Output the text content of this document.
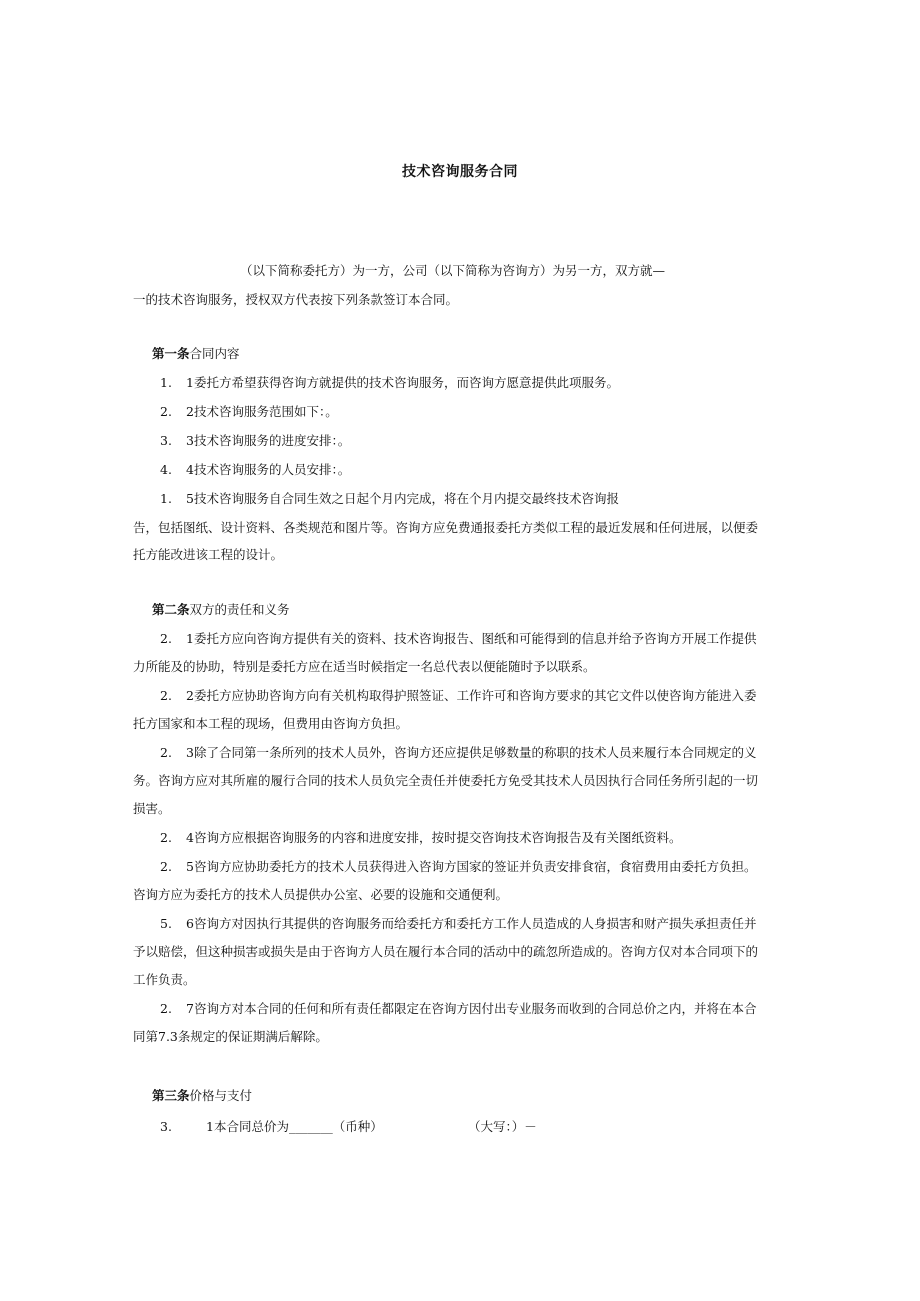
技术咨询服务合同
（以下简称委托方）为一方，公司（以下简称为咨询方）为另一方，双方就—
一的技术咨询服务，授权双方代表按下列条款签订本合同。
第一条合同内容
1. 1委托方希望获得咨询方就提供的技术咨询服务，而咨询方愿意提供此项服务。
2. 2技术咨询服务范围如下：。
3. 3技术咨询服务的进度安排：。
4. 4技术咨询服务的人员安排：。
1. 5技术咨询服务自合同生效之日起个月内完成，将在个月内提交最终技术咨询报
告，包括图纸、设计资料、各类规范和图片等。咨询方应免费通报委托方类似工程的最近发展和任何进展，以便委
托方能改进该工程的设计。
第二条双方的责任和义务
2. 1委托方应向咨询方提供有关的资料、技术咨询报告、图纸和可能得到的信息并给予咨询方开展工作提供
力所能及的协助，特别是委托方应在适当时候指定一名总代表以便能随时予以联系。
2. 2委托方应协助咨询方向有关机构取得护照签证、工作许可和咨询方要求的其它文件以使咨询方能进入委
托方国家和本工程的现场，但费用由咨询方负担。
2. 3除了合同第一条所列的技术人员外，咨询方还应提供足够数量的称职的技术人员来履行本合同规定的义
务。咨询方应对其所雇的履行合同的技术人员负完全责任并使委托方免受其技术人员因执行合同任务所引起的一切
损害。
2. 4咨询方应根据咨询服务的内容和进度安排，按时提交咨询技术咨询报告及有关图纸资料。
2. 5咨询方应协助委托方的技术人员获得进入咨询方国家的签证并负责安排食宿，食宿费用由委托方负担。
咨询方应为委托方的技术人员提供办公室、必要的设施和交通便利。
5. 6咨询方对因执行其提供的咨询服务而给委托方和委托方工作人员造成的人身损害和财产损失承担责任并
予以赔偿，但这种损害或损失是由于咨询方人员在履行本合同的活动中的疏忽所造成的。咨询方仅对本合同项下的
工作负责。
2. 7咨询方对本合同的任何和所有责任都限定在咨询方因付出专业服务而收到的合同总价之内，并将在本合
同第7.3条规定的保证期满后解除。
第三条价格与支付
3.	1本合同总价为_______（币种）	（大写：）－
